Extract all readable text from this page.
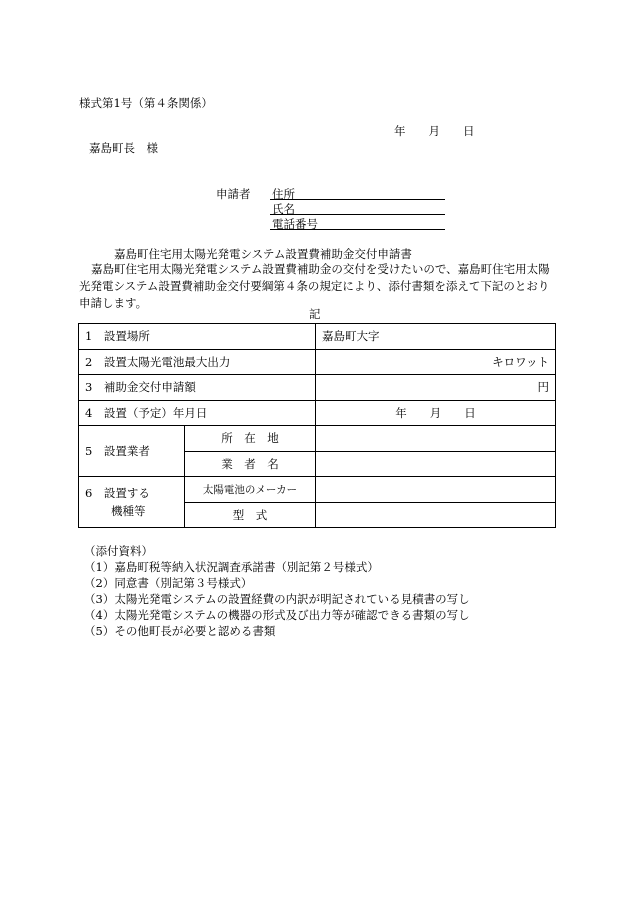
様式第1号（第４条関係）
年　　月　　日
嘉島町長　様
申請者 住所
氏名
電話番号
嘉島町住宅用太陽光発電システム設置費補助金交付申請書
嘉島町住宅用太陽光発電システム設置費補助金の交付を受けたいので、嘉島町住宅用太陽光発電システム設置費補助金交付要綱第４条の規定により、添付書類を添えて下記のとおり申請します。
記
1　設置場所		嘉島町大字
2　設置太陽光電池最大出力		キロワット
3　補助金交付申請額		円
4　設置（予定）年月日		年　　月　　日
5　設置業者	所　在　地	
	業　者　名	
6　設置する
機種等	太陽電池のメーカー	
	型　式	
（添付資料）
（1）嘉島町税等納入状況調査承諾書（別記第２号様式）
（2）同意書（別記第３号様式）
（3）太陽光発電システムの設置経費の内訳が明記されている見積書の写し
（4）太陽光発電システムの機器の形式及び出力等が確認できる書類の写し
（5）その他町長が必要と認める書類
